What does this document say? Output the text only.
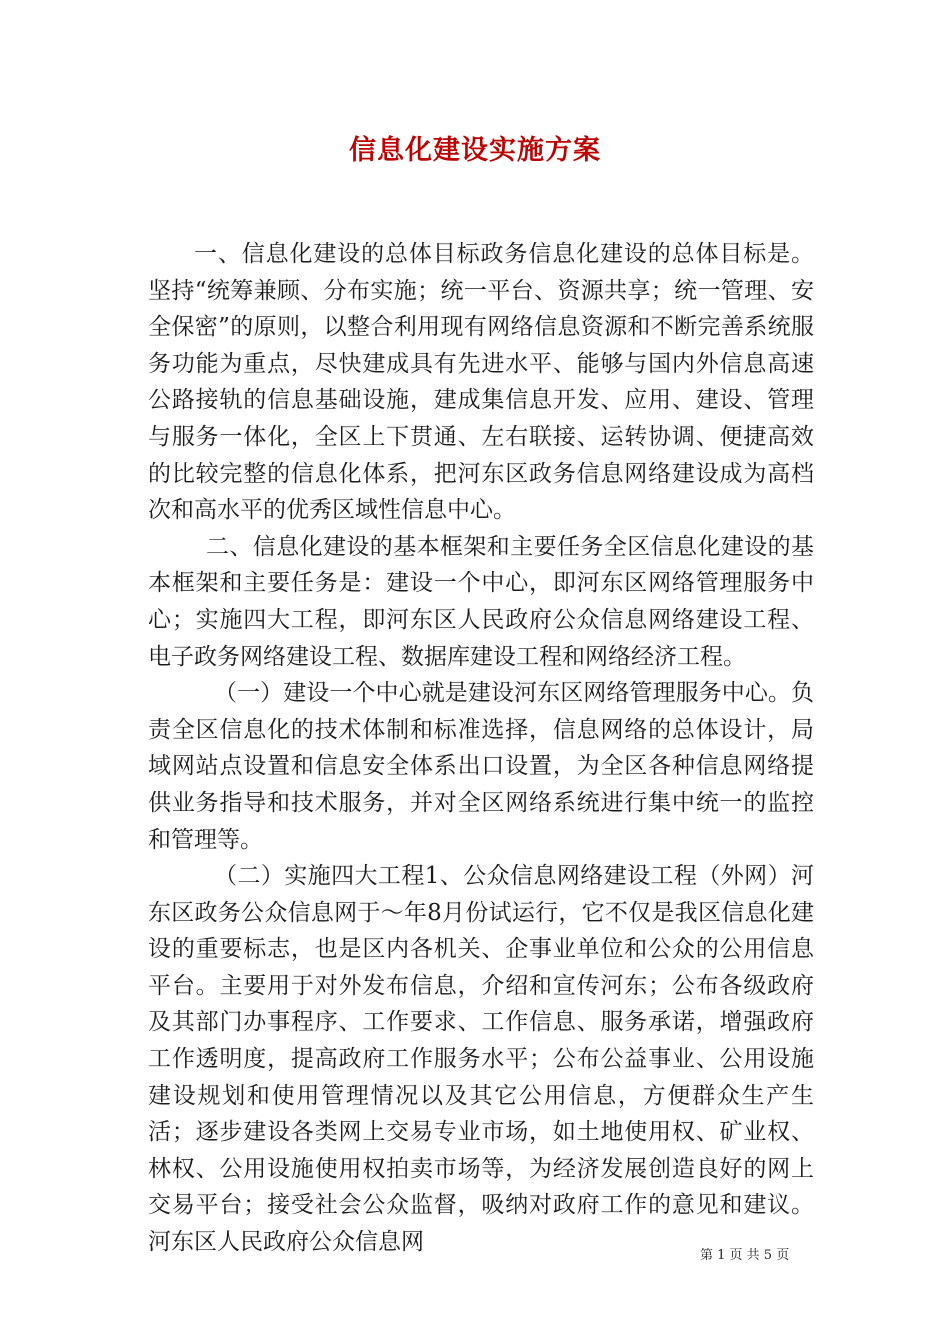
信息化建设实施方案

一、信息化建设的总体目标政务信息化建设的总体目标是。坚持“统筹兼顾、分布实施；统一平台、资源共享；统一管理、安全保密”的原则，以整合利用现有网络信息资源和不断完善系统服务功能为重点，尽快建成具有先进水平、能够与国内外信息高速公路接轨的信息基础设施，建成集信息开发、应用、建设、管理与服务一体化，全区上下贯通、左右联接、运转协调、便捷高效的比较完整的信息化体系，把河东区政务信息网络建设成为高档次和高水平的优秀区域性信息中心。

二、信息化建设的基本框架和主要任务全区信息化建设的基本框架和主要任务是：建设一个中心，即河东区网络管理服务中心；实施四大工程，即河东区人民政府公众信息网络建设工程、电子政务网络建设工程、数据库建设工程和网络经济工程。

（一）建设一个中心就是建设河东区网络管理服务中心。负责全区信息化的技术体制和标准选择，信息网络的总体设计，局域网站点设置和信息安全体系出口设置，为全区各种信息网络提供业务指导和技术服务，并对全区网络系统进行集中统一的监控和管理等。

（二）实施四大工程1、公众信息网络建设工程（外网）河东区政务公众信息网于～年8月份试运行，它不仅是我区信息化建设的重要标志，也是区内各机关、企事业单位和公众的公用信息平台。主要用于对外发布信息，介绍和宣传河东；公布各级政府及其部门办事程序、工作要求、工作信息、服务承诺，增强政府工作透明度，提高政府工作服务水平；公布公益事业、公用设施建设规划和使用管理情况以及其它公用信息，方便群众生产生活；逐步建设各类网上交易专业市场，如土地使用权、矿业权、林权、公用设施使用权拍卖市场等，为经济发展创造良好的网上交易平台；接受社会公众监督，吸纳对政府工作的意见和建议。河东区人民政府公众信息网

第 1 页 共 5 页
